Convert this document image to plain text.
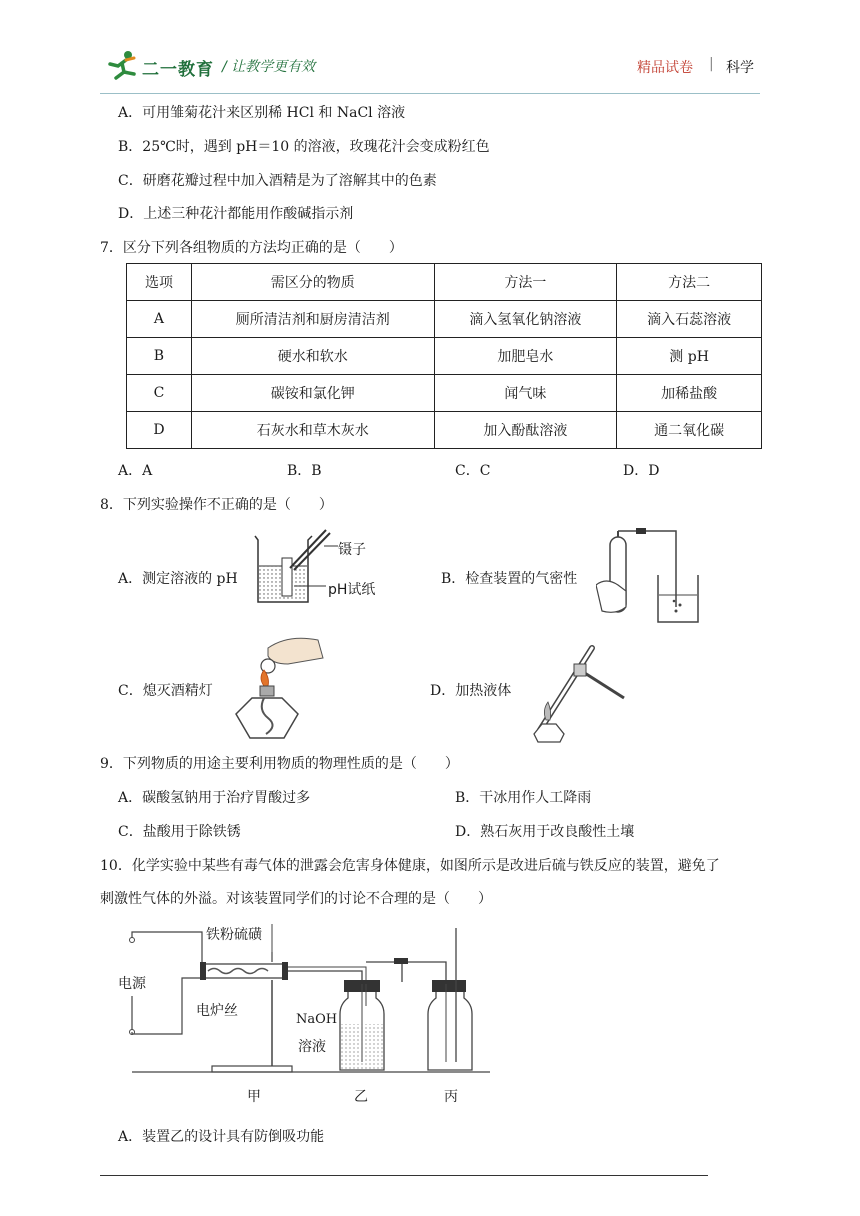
二一教育 / 让教学更有效	精品试卷 | 科学
A．可用雏菊花汁来区别稀 HCl 和 NaCl 溶液
B．25℃时，遇到 pH＝10 的溶液，玫瑰花汁会变成粉红色
C．研磨花瓣过程中加入酒精是为了溶解其中的色素
D．上述三种花汁都能用作酸碱指示剂
7．区分下列各组物质的方法均正确的是（　　）
选项	需区分的物质	方法一	方法二
A	厕所清洁剂和厨房清洁剂	滴入氢氧化钠溶液	滴入石蕊溶液
B	硬水和软水	加肥皂水	测 pH
C	碳铵和氯化钾	闻气味	加稀盐酸
D	石灰水和草木灰水	加入酚酞溶液	通二氧化碳
A．A	B．B	C．C	D．D
8．下列实验操作不正确的是（　　）
A．测定溶液的 pH
镊子
pH试纸
B．检查装置的气密性
C．熄灭酒精灯	D．加热液体
9．下列物质的用途主要利用物质的物理性质的是（　　）
A．碳酸氢钠用于治疗胃酸过多	B．干冰用作人工降雨
C．盐酸用于除铁锈	D．熟石灰用于改良酸性土壤
10．化学实验中某些有毒气体的泄露会危害身体健康，如图所示是改进后硫与铁反应的装置，避免了
刺激性气体的外溢。对该装置同学们的讨论不合理的是（　　）
铁粉硫磺
电源
电炉丝
NaOH
溶液
甲	乙	丙
A．装置乙的设计具有防倒吸功能
